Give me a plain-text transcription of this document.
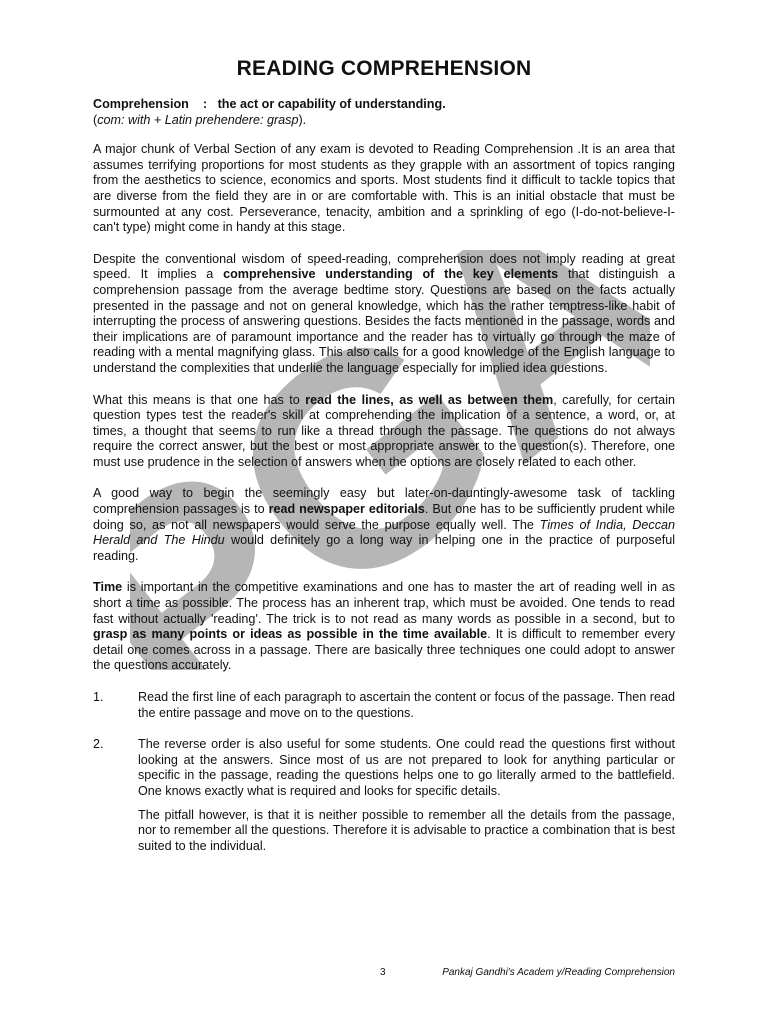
PGA
READING COMPREHENSION

Comprehension : the act or capability of understanding.
(com: with + Latin prehendere: grasp).

A major chunk of Verbal Section of any exam is devoted to Reading Comprehension .It is an area that assumes terrifying proportions for most students as they grapple with an assortment of topics ranging from the aesthetics to science, economics and sports. Most students find it difficult to tackle topics that are diverse from the field they are in or are comfortable with. This is an initial obstacle that must be surmounted at any cost. Perseverance, tenacity, ambition and a sprinkling of ego (I-do-not-believe-I-can't type) might come in handy at this stage.

Despite the conventional wisdom of speed-reading, comprehension does not imply reading at great speed. It implies a comprehensive understanding of the key elements that distinguish a comprehension passage from the average bedtime story. Questions are based on the facts actually presented in the passage and not on general knowledge, which has the rather temptress-like habit of interrupting the process of answering questions. Besides the facts mentioned in the passage, words and their implications are of paramount importance and the reader has to virtually go through the maze of reading with a mental magnifying glass. This also calls for a good knowledge of the English language to understand the complexities that underlie the language especially for implied idea questions.

What this means is that one has to read the lines, as well as between them, carefully, for certain question types test the reader's skill at comprehending the implication of a sentence, a word, or, at times, a thought that seems to run like a thread through the passage. The questions do not always require the correct answer, but the best or most appropriate answer to the question(s). Therefore, one must use prudence in the selection of answers when the options are closely related to each other.

A good way to begin the seemingly easy but later-on-dauntingly-awesome task of tackling comprehension passages is to read newspaper editorials. But one has to be sufficiently prudent while doing so, as not all newspapers would serve the purpose equally well. The Times of India, Deccan Herald and The Hindu would definitely go a long way in helping one in the practice of purposeful reading.

Time is important in the competitive examinations and one has to master the art of reading well in as short a time as possible. The process has an inherent trap, which must be avoided. One tends to read fast without actually 'reading'. The trick is to not read as many words as possible in a second, but to grasp as many points or ideas as possible in the time available. It is difficult to remember every detail one comes across in a passage. There are basically three techniques one could adopt to answer the questions accurately.

1.	Read the first line of each paragraph to ascertain the content or focus of the passage. Then read the entire passage and move on to the questions.

2.	The reverse order is also useful for some students. One could read the questions first without looking at the answers. Since most of us are not prepared to look for anything particular or specific in the passage, reading the questions helps one to go literally armed to the battlefield. One knows exactly what is required and looks for specific details.

The pitfall however, is that it is neither possible to remember all the details from the passage, nor to remember all the questions. Therefore it is advisable to practice a combination that is best suited to the individual.

3	Pankaj Gandhi's Academ y/Reading Comprehension
